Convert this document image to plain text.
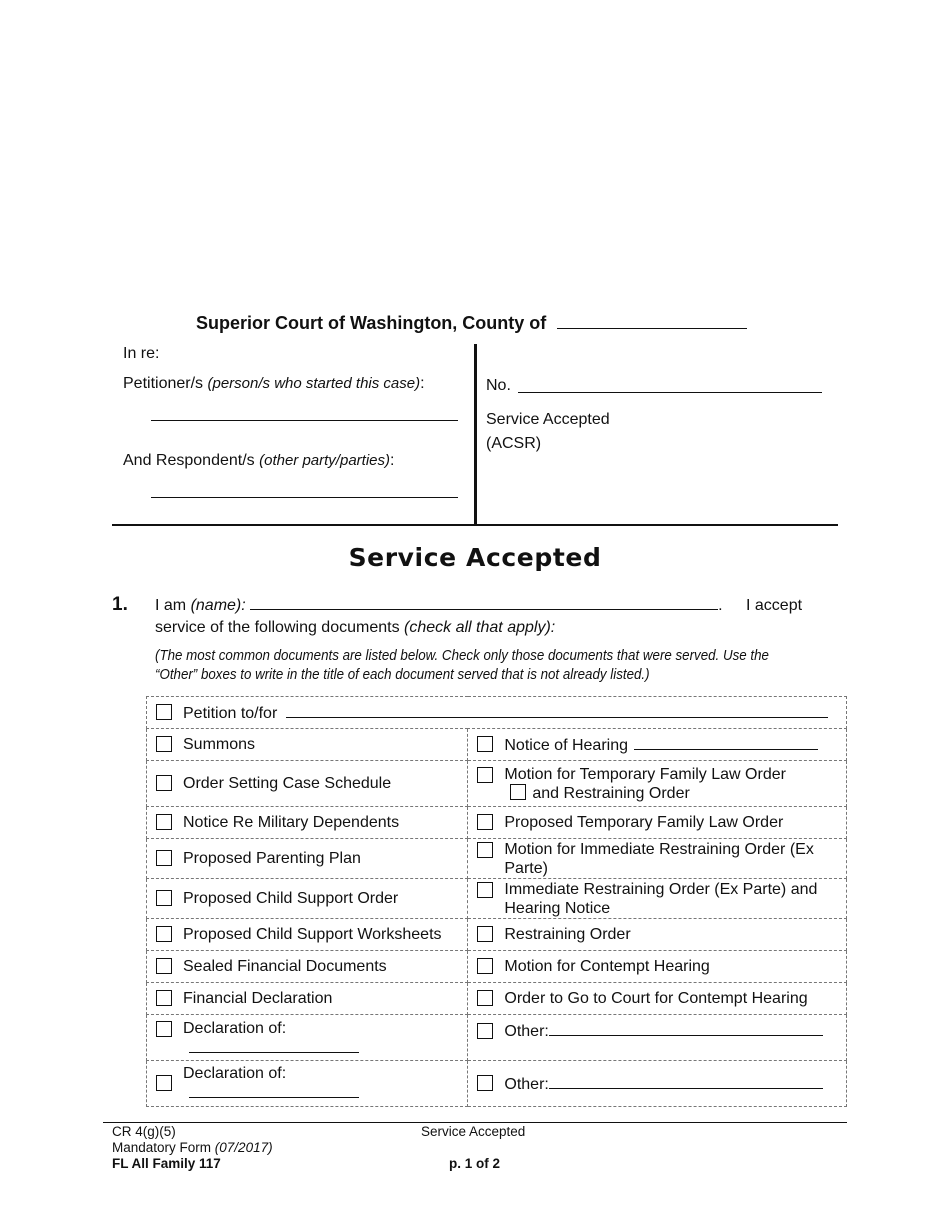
Superior Court of Washington, County of
In re:
Petitioner/s (person/s who started this case):
And Respondent/s (other party/parties):
No.
Service Accepted
(ACSR)
Service Accepted
1. I am (name):	. I accept
service of the following documents (check all that apply):
(The most common documents are listed below. Check only those documents that were served. Use the
“Other” boxes to write in the title of each document served that is not already listed.)
Petition to/for	

Summons	Notice of Hearing

Order Setting Case Schedule	Motion for Temporary Family Law Order
and Restraining Order

Notice Re Military Dependents	Proposed Temporary Family Law Order

Proposed Parenting Plan	Motion for Immediate Restraining Order (Ex Parte)

Proposed Child Support Order	Immediate Restraining Order (Ex Parte) and Hearing Notice

Proposed Child Support Worksheets	Restraining Order

Sealed Financial Documents	Motion for Contempt Hearing

Financial Declaration	Order to Go to Court for Contempt Hearing

Declaration of:	Other:

Declaration of:	Other:
CR 4(g)(5)
Mandatory Form (07/2017)
FL All Family 117
Service Accepted
p. 1 of 2
